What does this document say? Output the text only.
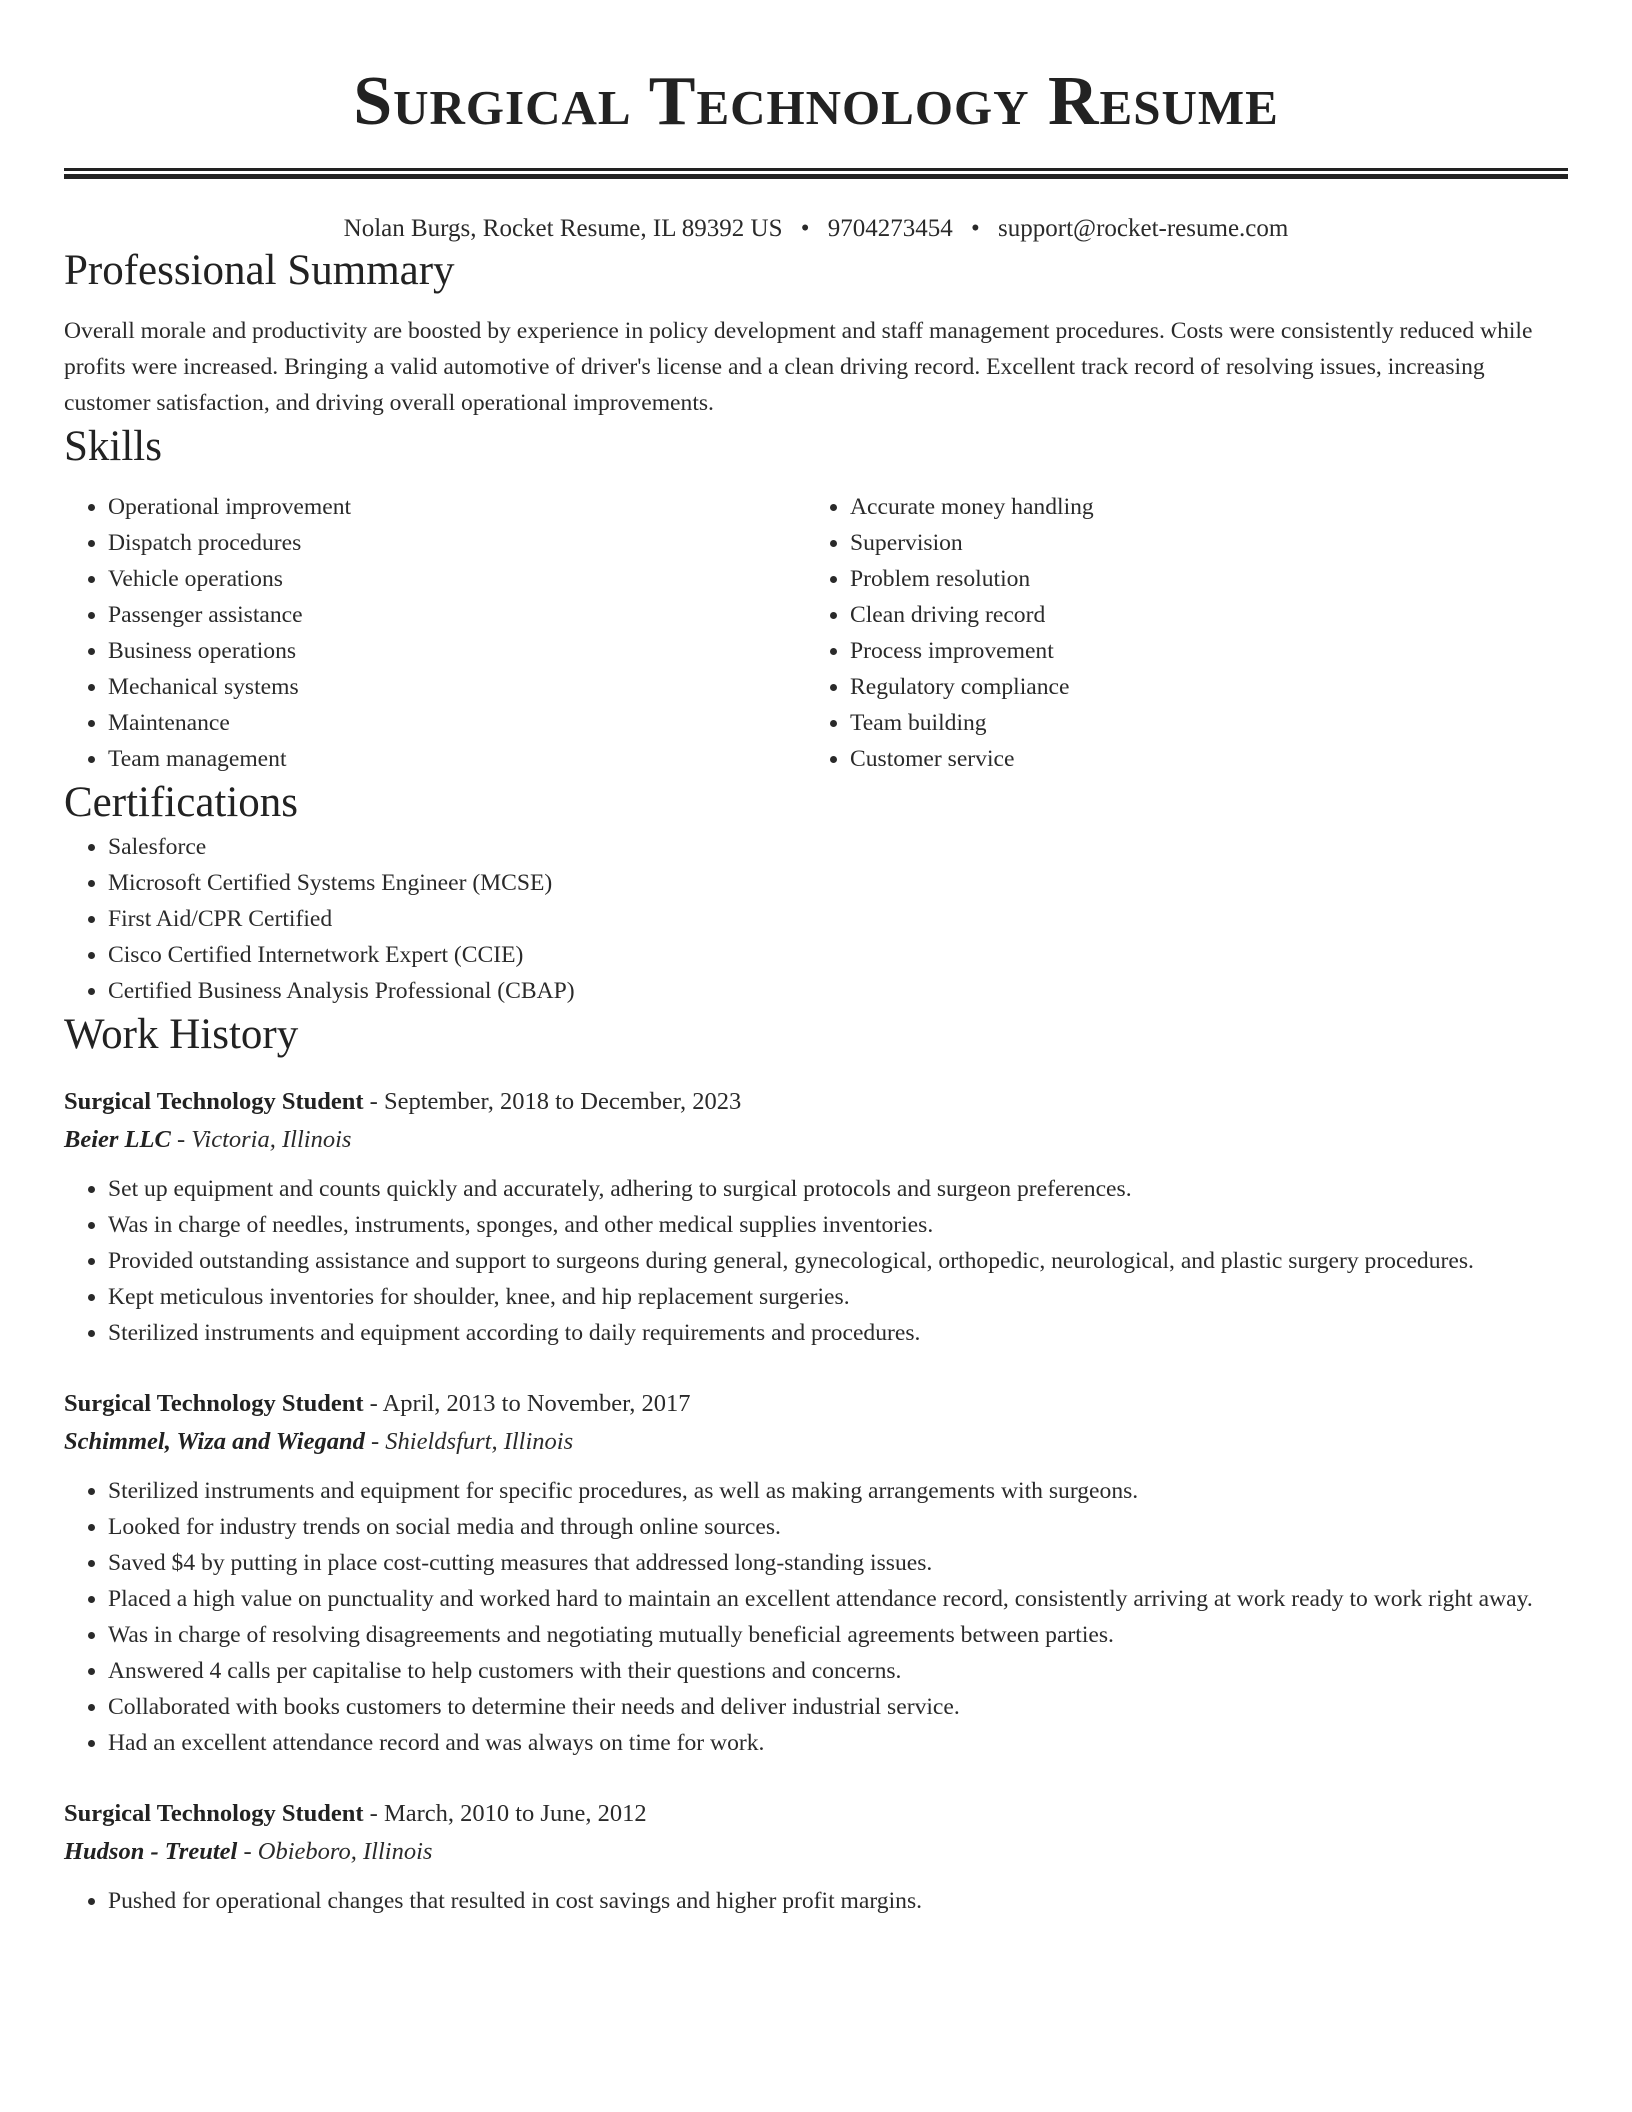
Surgical Technology Resume
Nolan Burgs, Rocket Resume, IL 89392 US • 9704273454 • support@rocket-resume.com
Professional Summary

Overall morale and productivity are boosted by experience in policy development and staff management procedures. Costs were consistently reduced while profits were increased. Bringing a valid automotive of driver's license and a clean driving record. Excellent track record of resolving issues, increasing customer satisfaction, and driving overall operational improvements.

Skills
• Operational improvement
• Dispatch procedures
• Vehicle operations
• Passenger assistance
• Business operations
• Mechanical systems
• Maintenance
• Team management
• Accurate money handling
• Supervision
• Problem resolution
• Clean driving record
• Process improvement
• Regulatory compliance
• Team building
• Customer service
Certifications
• Salesforce
• Microsoft Certified Systems Engineer (MCSE)
• First Aid/CPR Certified
• Cisco Certified Internetwork Expert (CCIE)
• Certified Business Analysis Professional (CBAP)
Work History
Surgical Technology Student - September, 2018 to December, 2023
Beier LLC - Victoria, Illinois
• Set up equipment and counts quickly and accurately, adhering to surgical protocols and surgeon preferences.
• Was in charge of needles, instruments, sponges, and other medical supplies inventories.
• Provided outstanding assistance and support to surgeons during general, gynecological, orthopedic, neurological, and plastic surgery procedures.
• Kept meticulous inventories for shoulder, knee, and hip replacement surgeries.
• Sterilized instruments and equipment according to daily requirements and procedures.
Surgical Technology Student - April, 2013 to November, 2017
Schimmel, Wiza and Wiegand - Shieldsfurt, Illinois
• Sterilized instruments and equipment for specific procedures, as well as making arrangements with surgeons.
• Looked for industry trends on social media and through online sources.
• Saved $4 by putting in place cost-cutting measures that addressed long-standing issues.
• Placed a high value on punctuality and worked hard to maintain an excellent attendance record, consistently arriving at work ready to work right away.
• Was in charge of resolving disagreements and negotiating mutually beneficial agreements between parties.
• Answered 4 calls per capitalise to help customers with their questions and concerns.
• Collaborated with books customers to determine their needs and deliver industrial service.
• Had an excellent attendance record and was always on time for work.
Surgical Technology Student - March, 2010 to June, 2012
Hudson - Treutel - Obieboro, Illinois
• Pushed for operational changes that resulted in cost savings and higher profit margins.
